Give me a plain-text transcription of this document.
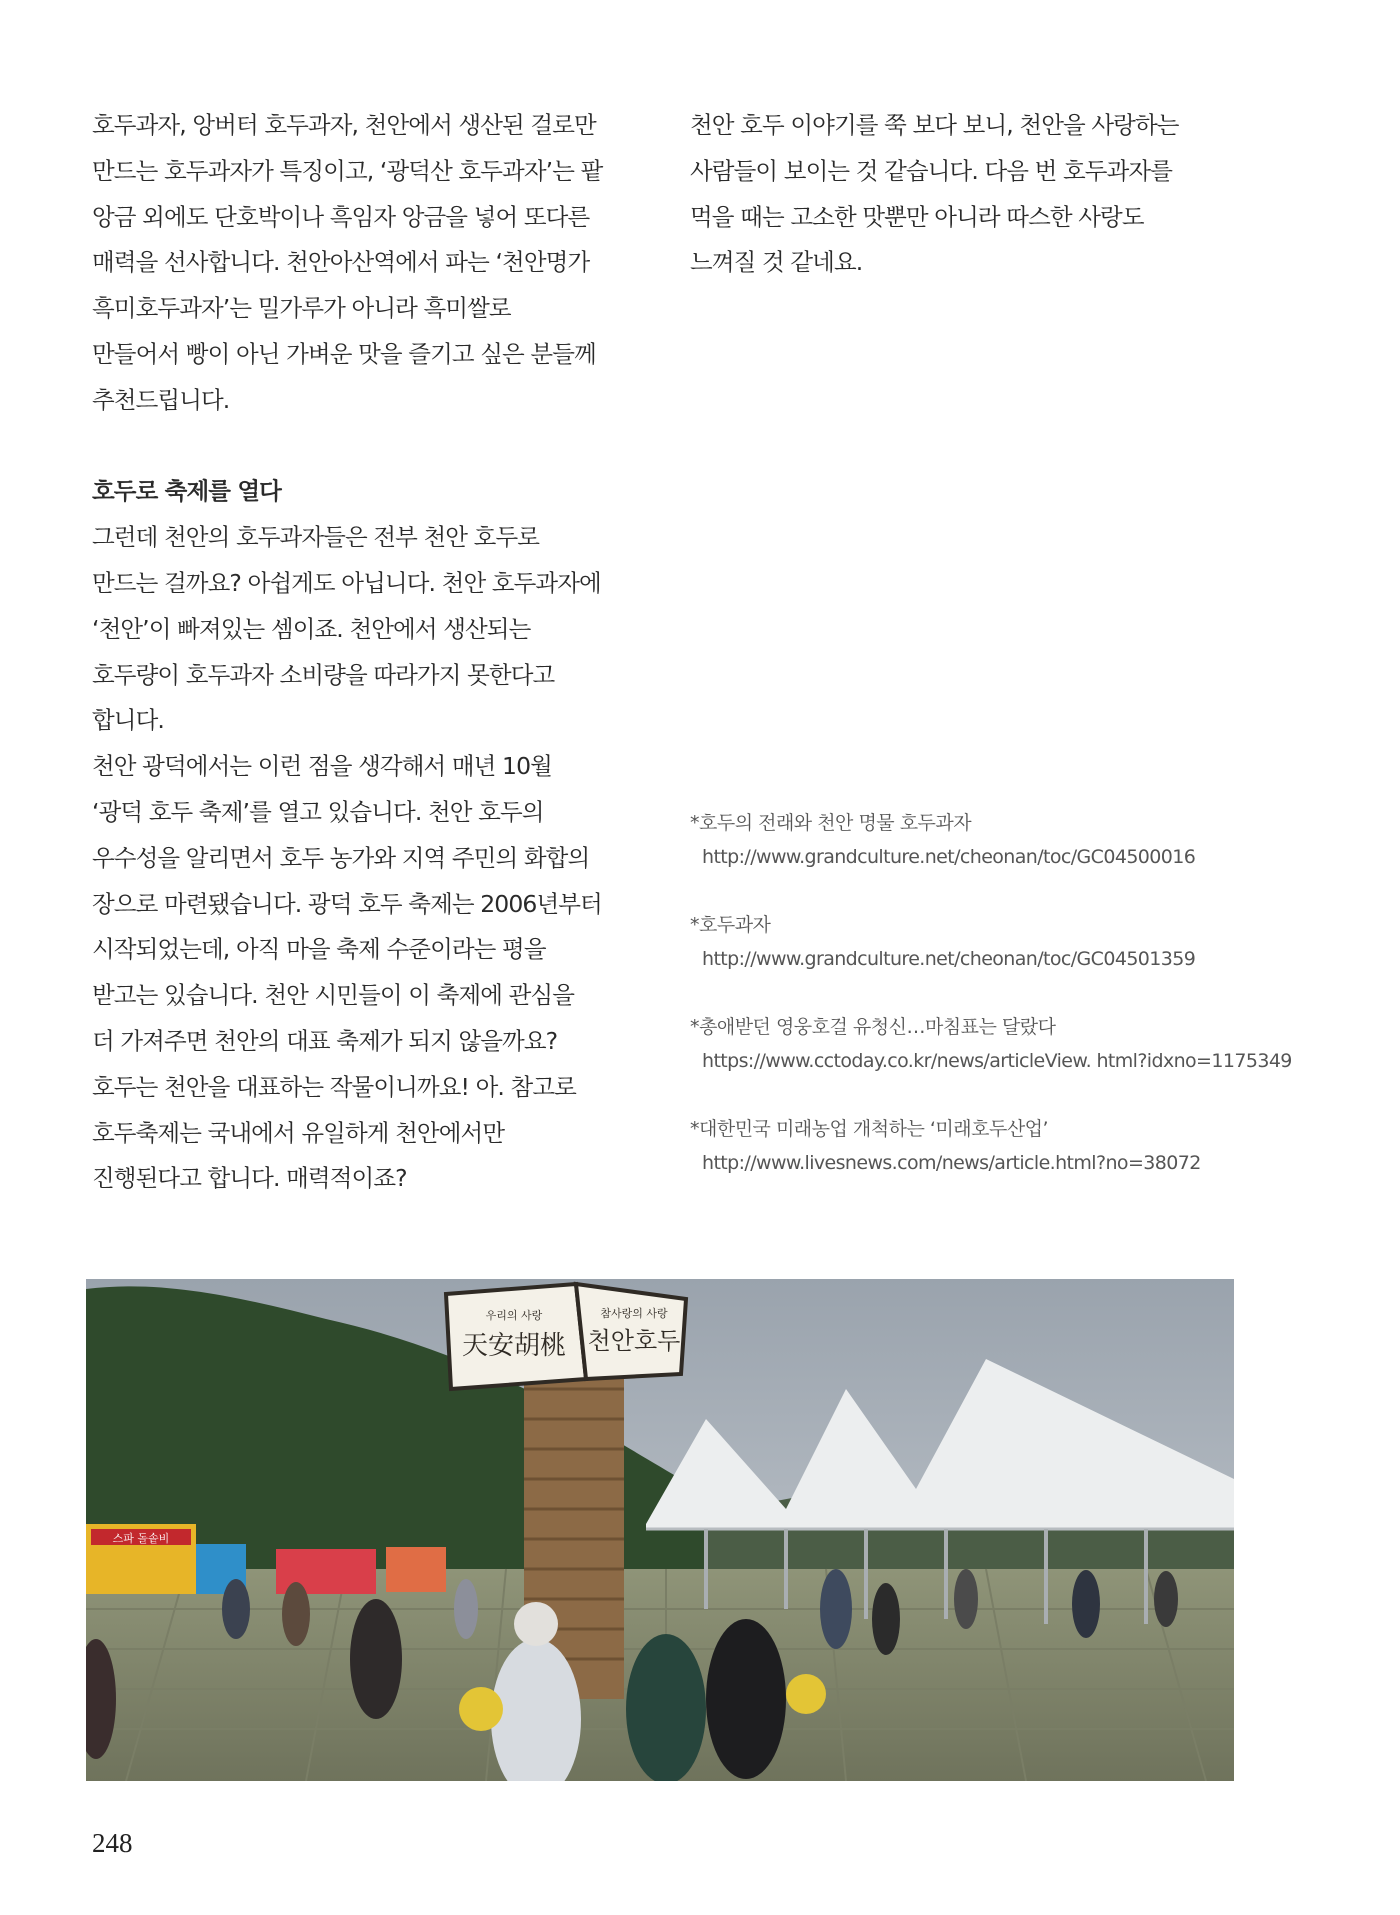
호두과자, 앙버터 호두과자, 천안에서 생산된 걸로만
만드는 호두과자가 특징이고, ‘광덕산 호두과자’는 팥
앙금 외에도 단호박이나 흑임자 앙금을 넣어 또다른
매력을 선사합니다. 천안아산역에서 파는 ‘천안명가
흑미호두과자’는 밀가루가 아니라 흑미쌀로
만들어서 빵이 아닌 가벼운 맛을 즐기고 싶은 분들께
추천드립니다.
호두로 축제를 열다
그런데 천안의 호두과자들은 전부 천안 호두로
만드는 걸까요? 아쉽게도 아닙니다. 천안 호두과자에
‘천안’이 빠져있는 셈이죠. 천안에서 생산되는
호두량이 호두과자 소비량을 따라가지 못한다고
합니다.
천안 광덕에서는 이런 점을 생각해서 매년 10월
‘광덕 호두 축제’를 열고 있습니다. 천안 호두의
우수성을 알리면서 호두 농가와 지역 주민의 화합의
장으로 마련됐습니다. 광덕 호두 축제는 2006년부터
시작되었는데, 아직 마을 축제 수준이라는 평을
받고는 있습니다. 천안 시민들이 이 축제에 관심을
더 가져주면 천안의 대표 축제가 되지 않을까요?
호두는 천안을 대표하는 작물이니까요! 아. 참고로
호두축제는 국내에서 유일하게 천안에서만
진행된다고 합니다. 매력적이죠?
천안 호두 이야기를 쭉 보다 보니, 천안을 사랑하는
사람들이 보이는 것 같습니다. 다음 번 호두과자를
먹을 때는 고소한 맛뿐만 아니라 따스한 사랑도
느껴질 것 같네요.
*호두의 전래와 천안 명물 호두과자
http://www.grandculture.net/cheonan/toc/GC04500016
*호두과자
http://www.grandculture.net/cheonan/toc/GC04501359
*총애받던 영웅호걸 유청신…마침표는 달랐다
https://www.cctoday.co.kr/news/articleView. html?idxno=1175349
*대한민국 미래농업 개척하는 ‘미래호두산업’
http://www.livesnews.com/news/article.html?no=38072
스파 돌솥비
우리의 사랑
天安胡桃
참사랑의 사랑
천안호두
248
